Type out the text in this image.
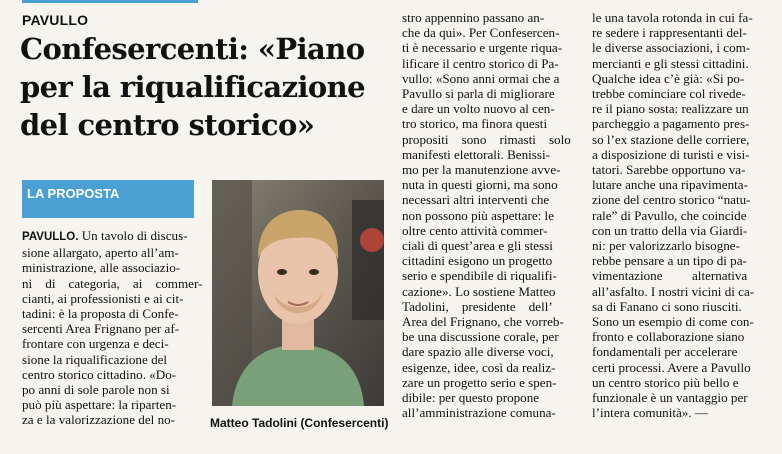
PAVULLO
Confesercenti: «Piano
per la riqualificazione
del centro storico»
LA PROPOSTA
PAVULLO. Un tavolo di discus-
sione allargato, aperto all’am-
ministrazione, alle associazio-
ni    di    categoria,    ai    commer-
cianti, ai professionisti e ai cit-
tadini: è la proposta di Confe-
sercenti Area Frignano per af-
frontare con urgenza e deci-
sione la riqualificazione del
centro storico cittadino. «Do-
po anni di sole parole non si
può più aspettare: la riparten-
za e la valorizzazione del no-
stro appennino passano an-
che da qui». Per Confesercen-
ti è necessario e urgente riqua-
lificare il centro storico di Pa-
vullo: «Sono anni ormai che a
Pavullo si parla di migliorare
e dare un volto nuovo al cen-
tro storico, ma finora questi
propositi    sono    rimasti    solo
manifesti elettorali. Benissi-
mo per la manutenzione avve-
nuta in questi giorni, ma sono
necessari altri interventi che
non possono più aspettare: le
oltre cento attività commer-
ciali di quest’area e gli stessi
cittadini esigono un progetto
serio e spendibile di riqualifi-
cazione». Lo sostiene Matteo
Tadolini,    presidente    dell’
Area del Frignano, che vorreb-
be una discussione corale, per
dare spazio alle diverse voci,
esigenze, idee, così da realiz-
zare un progetto serio e spen-
dibile: per questo propone
all’amministrazione comuna-
le una tavola rotonda in cui fa-
re sedere i rappresentanti del-
le diverse associazioni, i com-
mercianti e gli stessi cittadini.
Qualche idea c’è già: «Si po-
trebbe cominciare col rivede-
re il piano sosta: realizzare un
parcheggio a pagamento pres-
so l’ex stazione delle corriere,
a disposizione di turisti e visi-
tatori. Sarebbe opportuno va-
lutare anche una ripavimenta-
zione del centro storico “natu-
rale” di Pavullo, che coincide
con un tratto della via Giardi-
ni: per valorizzarlo bisogne-
rebbe pensare a un tipo di pa-
vimentazione         alternativa
all’asfalto. I nostri vicini di ca-
sa di Fanano ci sono riusciti.
Sono un esempio di come con-
fronto e collaborazione siano
fondamentali per accelerare
certi processi. Avere a Pavullo
un centro storico più bello e
funzionale è un vantaggio per
l’intera comunità». —
Matteo Tadolini (Confesercenti)
